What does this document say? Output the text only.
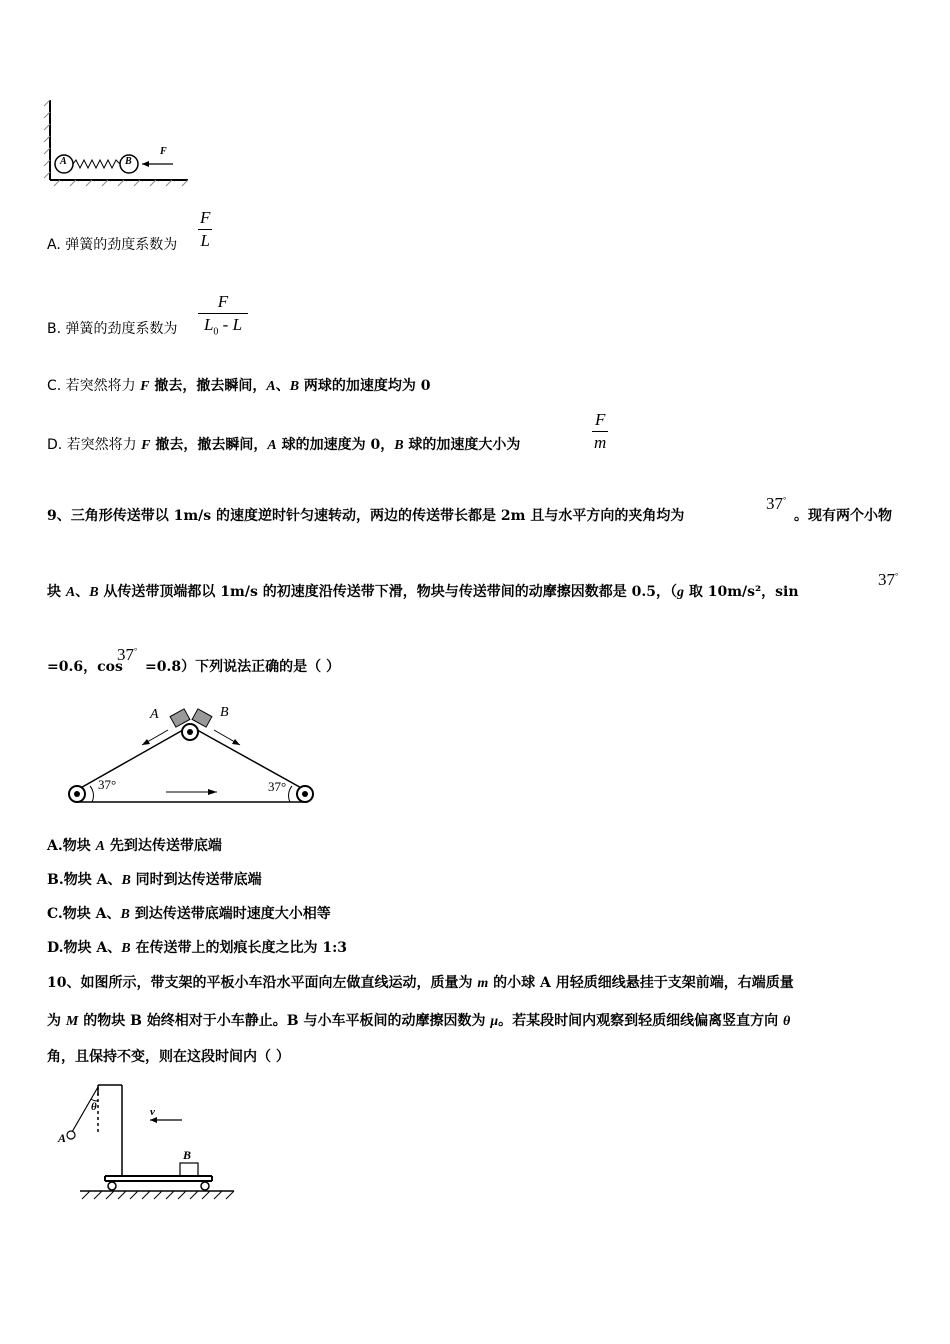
A	B
F
A. 弹簧的劲度系数为
F
L
B. 弹簧的劲度系数为
F
$L_0$ - L
C. 若突然将力 F 撤去，撤去瞬间，A、B 两球的加速度均为 0
D. 若突然将力 F 撤去，撤去瞬间，A 球的加速度为 0，B 球的加速度大小为
F
m
9、三角形传送带以 1m/s 的速度逆时针匀速转动，两边的传送带长都是 2m 且与水平方向的夹角均为
37°
。现有两个小物
块 A、B 从传送带顶端都以 1m/s 的初速度沿传送带下滑，物块与传送带间的动摩擦因数都是 0.5，（g 取 10m/s²，sin
37°
=0.6，cos
37°
=0.8）下列说法正确的是（ ）
A	B
37°	37°
A.物块 A 先到达传送带底端
B.物块 A、B 同时到达传送带底端
C.物块 A、B 到达传送带底端时速度大小相等
D.物块 A、B 在传送带上的划痕长度之比为 1:3
10、如图所示，带支架的平板小车沿水平面向左做直线运动，质量为 m 的小球 A 用轻质细线悬挂于支架前端，右端质量
为 M 的物块 B 始终相对于小车静止。B 与小车平板间的动摩擦因数为 μ。若某段时间内观察到轻质细线偏离竖直方向 θ
角，且保持不变，则在这段时间内（ ）
A
θ	v
B
